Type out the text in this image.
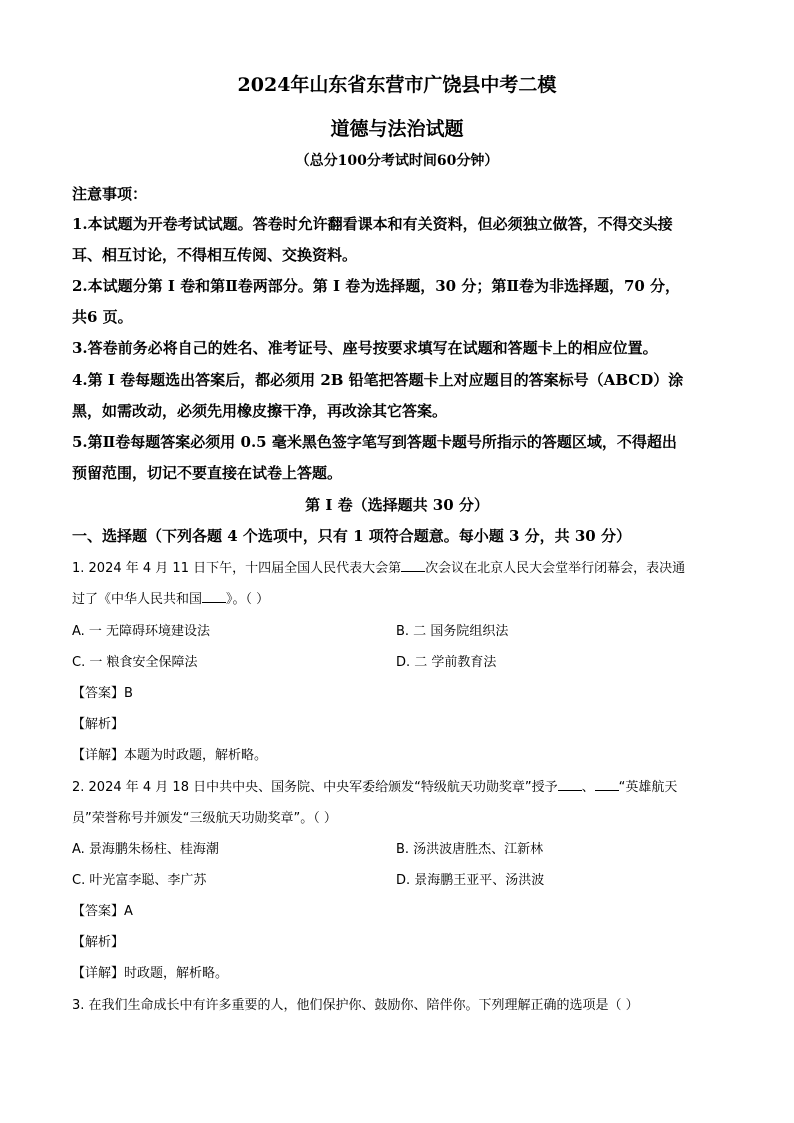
2024年山东省东营市广饶县中考二模
道德与法治试题
（总分100分考试时间60分钟）
注意事项：
1.本试题为开卷考试试题。答卷时允许翻看课本和有关资料，但必须独立做答，不得交头接
耳、相互讨论，不得相互传阅、交换资料。
2.本试题分第 I 卷和第Ⅱ卷两部分。第 I 卷为选择题，30 分；第Ⅱ卷为非选择题，70 分，
共6 页。
3.答卷前务必将自己的姓名、准考证号、座号按要求填写在试题和答题卡上的相应位置。
4.第 I 卷每题选出答案后，都必须用 2B 铅笔把答题卡上对应题目的答案标号（ABCD）涂
黑，如需改动，必须先用橡皮擦干净，再改涂其它答案。
5.第Ⅱ卷每题答案必须用 0.5 毫米黑色签字笔写到答题卡题号所指示的答题区域，不得超出
预留范围，切记不要直接在试卷上答题。
第 I 卷（选择题共 30 分）
一、选择题（下列各题 4 个选项中，只有 1 项符合题意。每小题 3 分，共 30 分）
1. 2024 年 4 月 11 日下午，十四届全国人民代表大会第 次会议在北京人民大会堂举行闭幕会，表决通
过了《中华人民共和国 》。（ ）
A. 一 无障碍环境建设法	B. 二 国务院组织法
C. 一 粮食安全保障法	D. 二 学前教育法
【答案】B
【解析】
【详解】本题为时政题，解析略。
2. 2024 年 4 月 18 日中共中央、国务院、中央军委给颁发“特级航天功勋奖章”授予 、 “英雄航天
员”荣誉称号并颁发“三级航天功勋奖章”。（ ）
A. 景海鹏朱杨柱、桂海潮	B. 汤洪波唐胜杰、江新林
C. 叶光富李聪、李广苏	D. 景海鹏王亚平、汤洪波
【答案】A
【解析】
【详解】时政题，解析略。
3. 在我们生命成长中有许多重要的人，他们保护你、鼓励你、陪伴你。下列理解正确的选项是（ ）
